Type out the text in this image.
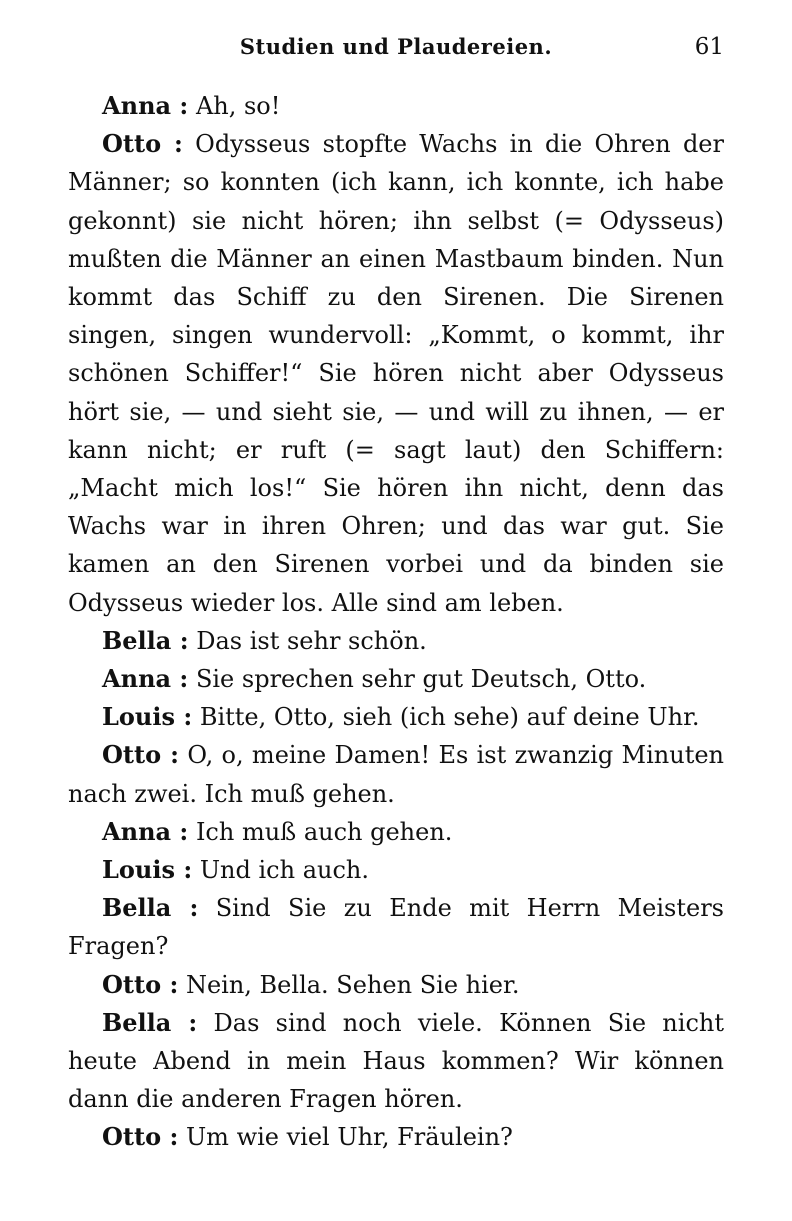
Studien und Plaudereien.	61

Anna : Ah, so!

Otto : Odysseus stopfte Wachs in die Ohren der Männer; so konnten (ich kann, ich konnte, ich habe gekonnt) sie nicht hören; ihn selbst (= Odysseus) mußten die Männer an einen Mastbaum binden. Nun kommt das Schiff zu den Sirenen. Die Sirenen singen, singen wundervoll: „Kommt, o kommt, ihr schönen Schiffer!“ Sie hören nicht aber Odysseus hört sie, — und sieht sie, — und will zu ihnen, — er kann nicht; er ruft (= sagt laut) den Schiffern: „Macht mich los!“ Sie hören ihn nicht, denn das Wachs war in ihren Ohren; und das war gut. Sie kamen an den Sirenen vorbei und da binden sie Odysseus wieder los. Alle sind am leben.

Bella : Das ist sehr schön.

Anna : Sie sprechen sehr gut Deutsch, Otto.

Louis : Bitte, Otto, sieh (ich sehe) auf deine Uhr.

Otto : O, o, meine Damen! Es ist zwanzig Minuten nach zwei. Ich muß gehen.

Anna : Ich muß auch gehen.

Louis : Und ich auch.

Bella : Sind Sie zu Ende mit Herrn Meisters Fragen?

Otto : Nein, Bella. Sehen Sie hier.

Bella : Das sind noch viele. Können Sie nicht heute Abend in mein Haus kommen? Wir können dann die anderen Fragen hören.

Otto : Um wie viel Uhr, Fräulein?
